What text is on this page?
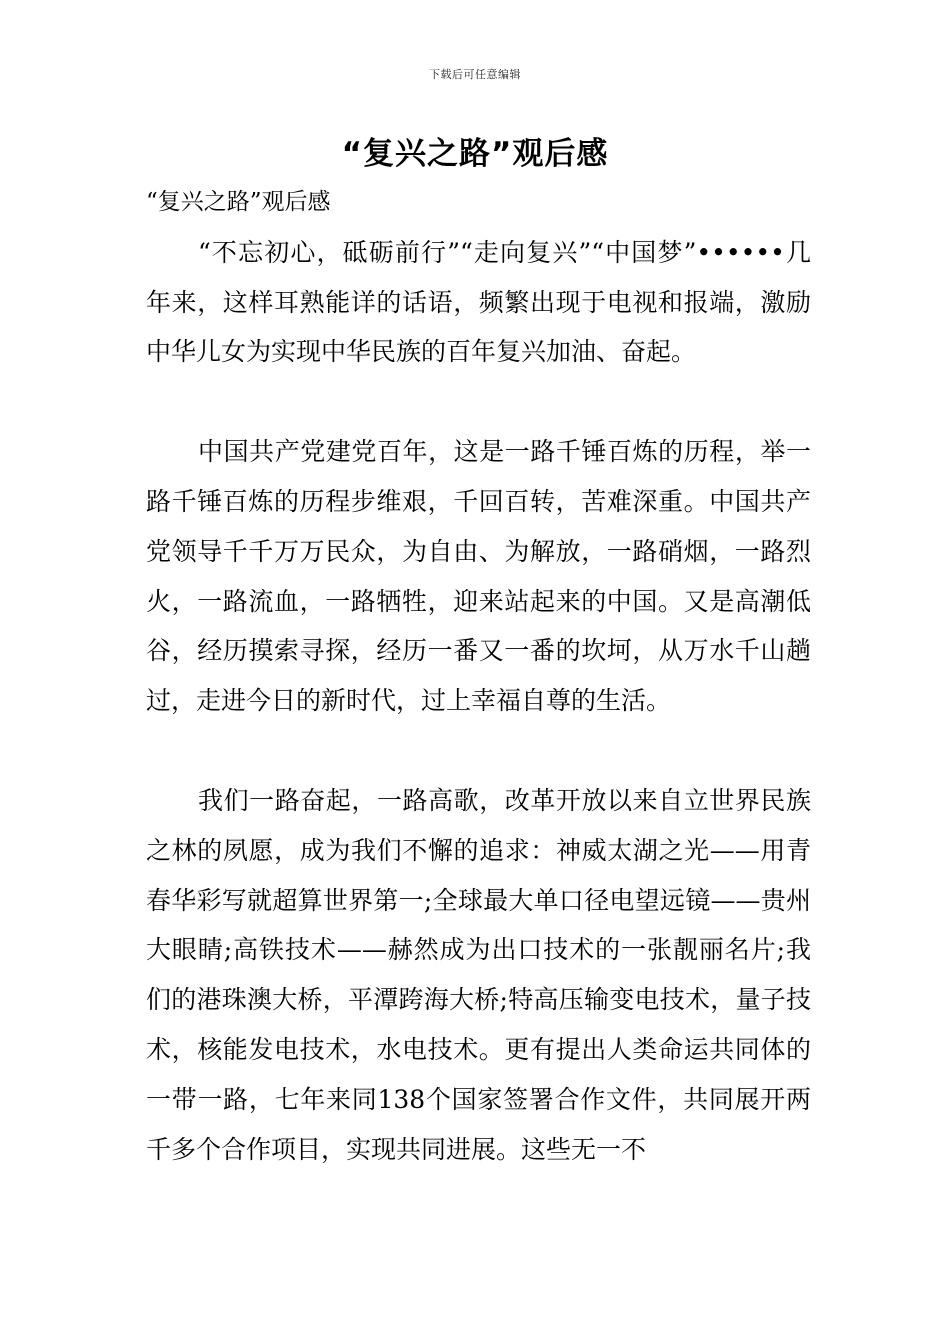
下载后可任意编辑
“复兴之路”观后感

“复兴之路”观后感

“不忘初心，砥砺前行”“走向复兴”“中国梦”••••••几年来，这样耳熟能详的话语，频繁出现于电视和报端，激励中华儿女为实现中华民族的百年复兴加油、奋起。

中国共产党建党百年，这是一路千锤百炼的历程，举一路千锤百炼的历程步维艰，千回百转，苦难深重。中国共产党领导千千万万民众，为自由、为解放，一路硝烟，一路烈火，一路流血，一路牺牲，迎来站起来的中国。又是高潮低谷，经历摸索寻探，经历一番又一番的坎坷，从万水千山趟过，走进今日的新时代，过上幸福自尊的生活。

我们一路奋起，一路高歌，改革开放以来自立世界民族之林的夙愿，成为我们不懈的追求：神威太湖之光——用青春华彩写就超算世界第一;全球最大单口径电望远镜——贵州大眼睛;高铁技术——赫然成为出口技术的一张靓丽名片;我们的港珠澳大桥，平潭跨海大桥;特高压输变电技术，量子技术，核能发电技术，水电技术。更有提出人类命运共同体的一带一路，七年来同138个国家签署合作文件，共同展开两千多个合作项目，实现共同进展。这些无一不
